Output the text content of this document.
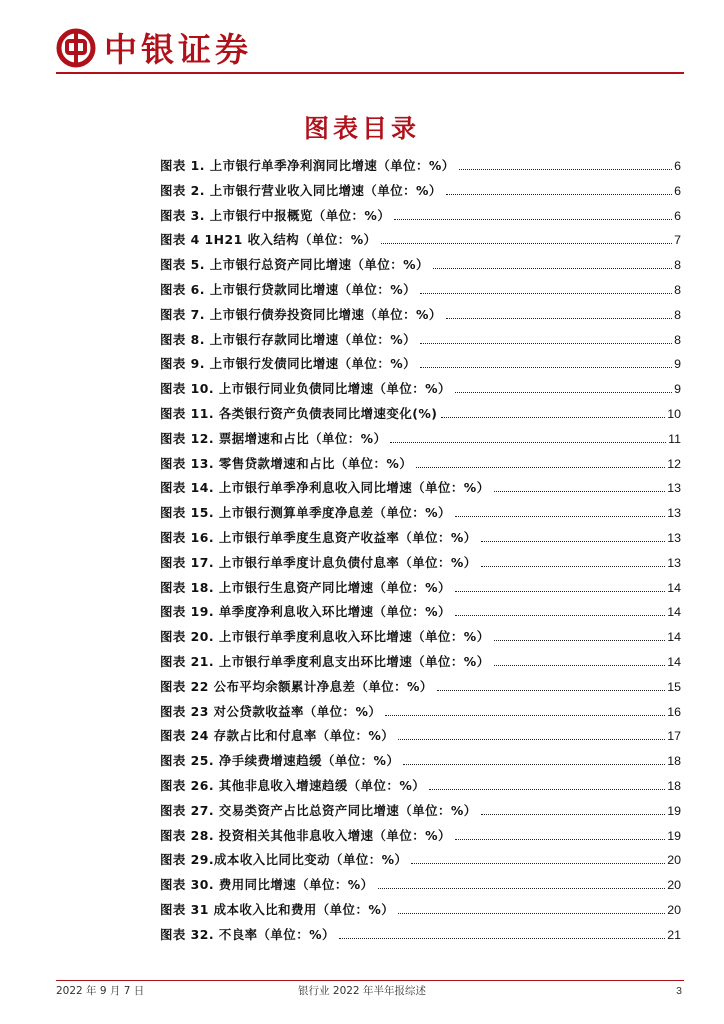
中银证券
图表目录
图表 1. 上市银行单季净利润同比增速（单位：%）	6
图表 2. 上市银行营业收入同比增速（单位：%）	6
图表 3. 上市银行中报概览（单位：%）	6
图表 4 1H21 收入结构（单位：%）	7
图表 5. 上市银行总资产同比增速（单位：%）	8
图表 6. 上市银行贷款同比增速（单位：%）	8
图表 7. 上市银行债券投资同比增速（单位：%）	8
图表 8. 上市银行存款同比增速（单位：%）	8
图表 9. 上市银行发债同比增速（单位：%）	9
图表 10. 上市银行同业负债同比增速（单位：%）	9
图表 11. 各类银行资产负债表同比增速变化(%)	10
图表 12. 票据增速和占比（单位：%）	11
图表 13. 零售贷款增速和占比（单位：%）	12
图表 14. 上市银行单季净利息收入同比增速（单位：%）	13
图表 15. 上市银行测算单季度净息差（单位：%）	13
图表 16. 上市银行单季度生息资产收益率（单位：%）	13
图表 17. 上市银行单季度计息负债付息率（单位：%）	13
图表 18. 上市银行生息资产同比增速（单位：%）	14
图表 19. 单季度净利息收入环比增速（单位：%）	14
图表 20. 上市银行单季度利息收入环比增速（单位：%）	14
图表 21. 上市银行单季度利息支出环比增速（单位：%）	14
图表 22 公布平均余额累计净息差（单位：%）	15
图表 23 对公贷款收益率（单位：%）	16
图表 24 存款占比和付息率（单位：%）	17
图表 25. 净手续费增速趋缓（单位：%）	18
图表 26. 其他非息收入增速趋缓（单位：%）	18
图表 27. 交易类资产占比总资产同比增速（单位：%）	19
图表 28. 投资相关其他非息收入增速（单位：%）	19
图表 29.成本收入比同比变动（单位：%）	20
图表 30. 费用同比增速（单位：%）	20
图表 31 成本收入比和费用（单位：%）	20
图表 32. 不良率（单位：%）	21
2022 年 9 月 7 日	银行业 2022 年半年报综述	3
